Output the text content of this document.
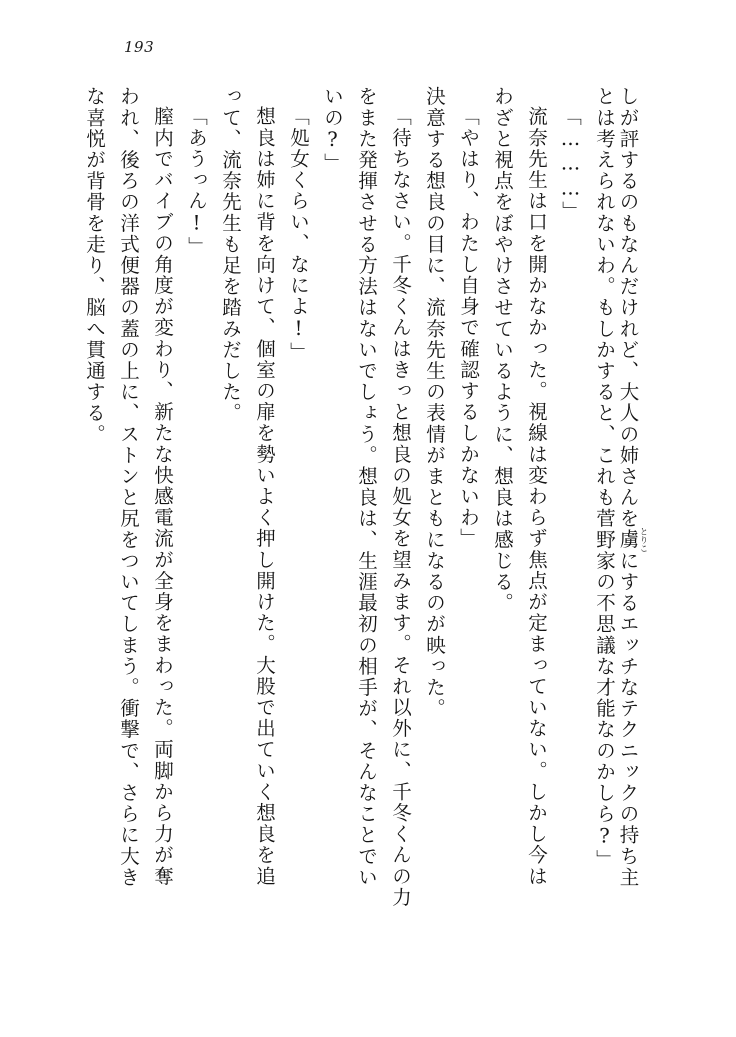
193
しが評するのもなんだけれど、大人の姉さんを虜とりこにするエッチなテクニックの持ち主
とは考えられないわ。もしかすると、これも菅野家の不思議な才能なのかしら?」
「………」
流奈先生は口を開かなかった。視線は変わらず焦点が定まっていない。しかし今は
わざと視点をぼやけさせているように、想良は感じる。
「やはり、わたし自身で確認するしかないわ」
決意する想良の目に、流奈先生の表情がまともになるのが映った。
「待ちなさい。千冬くんはきっと想良の処女を望みます。それ以外に、千冬くんの力
をまた発揮させる方法はないでしょう。想良は、生涯最初の相手が、そんなことでい
いの?」
「処女くらい、なによ!」
想良は姉に背を向けて、個室の扉を勢いよく押し開けた。大股で出ていく想良を追
って、流奈先生も足を踏みだした。
「あうっん!」
膣内でバイブの角度が変わり、新たな快感電流が全身をまわった。両脚から力が奪
われ、後ろの洋式便器の蓋の上に、ストンと尻をついてしまう。衝撃で、さらに大き
な喜悦が背骨を走り、脳へ貫通する。
